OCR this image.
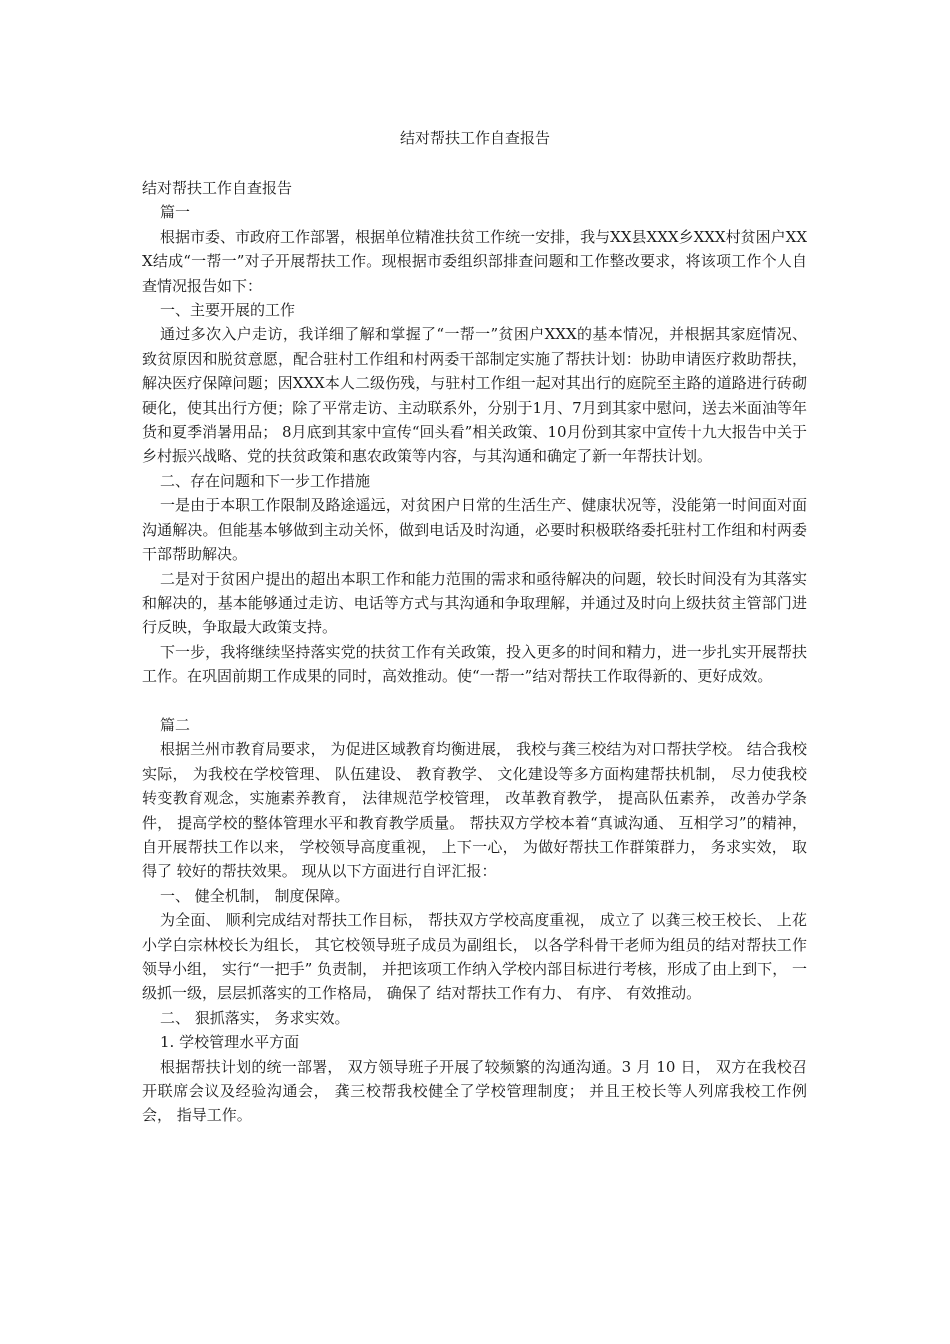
结对帮扶工作自查报告

结对帮扶工作自查报告

篇一

根据市委、市政府工作部署，根据单位精准扶贫工作统一安排，我与XX县XXX乡XXX村贫困户XXX结成“一帮一”对子开展帮扶工作。现根据市委组织部排查问题和工作整改要求，将该项工作个人自查情况报告如下：

一、主要开展的工作

通过多次入户走访，我详细了解和掌握了“一帮一”贫困户XXX的基本情况，并根据其家庭情况、致贫原因和脱贫意愿，配合驻村工作组和村两委干部制定实施了帮扶计划：协助申请医疗救助帮扶，解决医疗保障问题；因XXX本人二级伤残，与驻村工作组一起对其出行的庭院至主路的道路进行砖砌硬化，使其出行方便；除了平常走访、主动联系外，分别于1月、7月到其家中慰问，送去米面油等年货和夏季消暑用品； 8月底到其家中宣传“回头看”相关政策、10月份到其家中宣传十九大报告中关于乡村振兴战略、党的扶贫政策和惠农政策等内容，与其沟通和确定了新一年帮扶计划。

二、存在问题和下一步工作措施

一是由于本职工作限制及路途遥远，对贫困户日常的生活生产、健康状况等，没能第一时间面对面沟通解决。但能基本够做到主动关怀，做到电话及时沟通，必要时积极联络委托驻村工作组和村两委干部帮助解决。

二是对于贫困户提出的超出本职工作和能力范围的需求和亟待解决的问题，较长时间没有为其落实和解决的，基本能够通过走访、电话等方式与其沟通和争取理解，并通过及时向上级扶贫主管部门进行反映，争取最大政策支持。

下一步，我将继续坚持落实党的扶贫工作有关政策，投入更多的时间和精力，进一步扎实开展帮扶工作。在巩固前期工作成果的同时，高效推动。使“一帮一”结对帮扶工作取得新的、更好成效。

篇二

根据兰州市教育局要求， 为促进区域教育均衡进展， 我校与龚三校结为对口帮扶学校。 结合我校实际， 为我校在学校管理、 队伍建设、 教育教学、 文化建设等多方面构建帮扶机制， 尽力使我校转变教育观念，实施素养教育， 法律规范学校管理， 改革教育教学， 提高队伍素养， 改善办学条件， 提高学校的整体管理水平和教育教学质量。 帮扶双方学校本着“真诚沟通、 互相学习”的精神， 自开展帮扶工作以来， 学校领导高度重视， 上下一心， 为做好帮扶工作群策群力， 务求实效， 取得了 较好的帮扶效果。 现从以下方面进行自评汇报：

一、 健全机制， 制度保障。

为全面、 顺利完成结对帮扶工作目标， 帮扶双方学校高度重视， 成立了 以龚三校王校长、 上花小学白宗林校长为组长， 其它校领导班子成员为副组长， 以各学科骨干老师为组员的结对帮扶工作领导小组， 实行“一把手” 负责制， 并把该项工作纳入学校内部目标进行考核，形成了由上到下， 一级抓一级，层层抓落实的工作格局， 确保了 结对帮扶工作有力、 有序、 有效推动。

二、 狠抓落实， 务求实效。

1. 学校管理水平方面

根据帮扶计划的统一部署， 双方领导班子开展了较频繁的沟通沟通。3 月 10 日， 双方在我校召开联席会议及经验沟通会， 龚三校帮我校健全了学校管理制度； 并且王校长等人列席我校工作例会， 指导工作。
